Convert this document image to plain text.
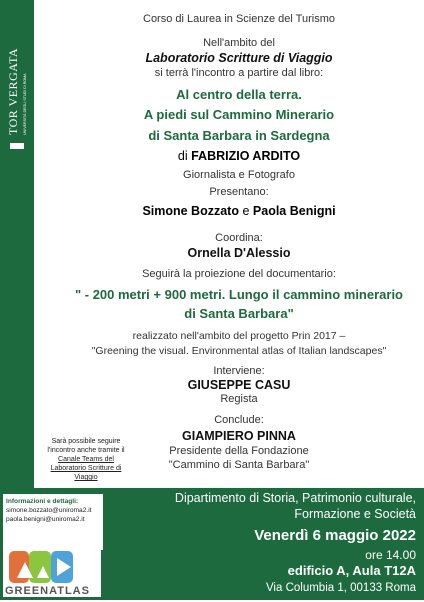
TOR VERGATA UNIVERSITÀ DEGLI STUDI DI ROMA
Corso di Laurea in Scienze del Turismo
Nell'ambito del
Laboratorio Scritture di Viaggio
si terrà l'incontro a partire dal libro:
Al centro della terra.
A piedi sul Cammino Minerario
di Santa Barbara in Sardegna
di FABRIZIO ARDITO
Giornalista e Fotografo
Presentano:
Simone Bozzato e Paola Benigni
Coordina:
Ornella D'Alessio
Seguirà la proiezione del documentario:
" - 200 metri + 900 metri. Lungo il cammino minerario
di Santa Barbara"
realizzato nell'ambito del progetto Prin 2017 –
"Greening the visual. Environmental atlas of Italian landscapes"
Interviene:
GIUSEPPE CASU
Regista
Conclude:
GIAMPIERO PINNA
Presidente della Fondazione
"Cammino di Santa Barbara"
Sarà possibile seguire
l'incontro anche tramite il
Canale Teams del
Laboratorio Scritture di
Viaggio
Informazioni e dettagli:
simone.bozzato@uniroma2.it
paola.benigni@uniroma2.it
GREENATLAS
Dipartimento di Storia, Patrimonio culturale,
Formazione e Società
Venerdì 6 maggio 2022
ore 14.00
edificio A, Aula T12A
Via Columbia 1, 00133 Roma
